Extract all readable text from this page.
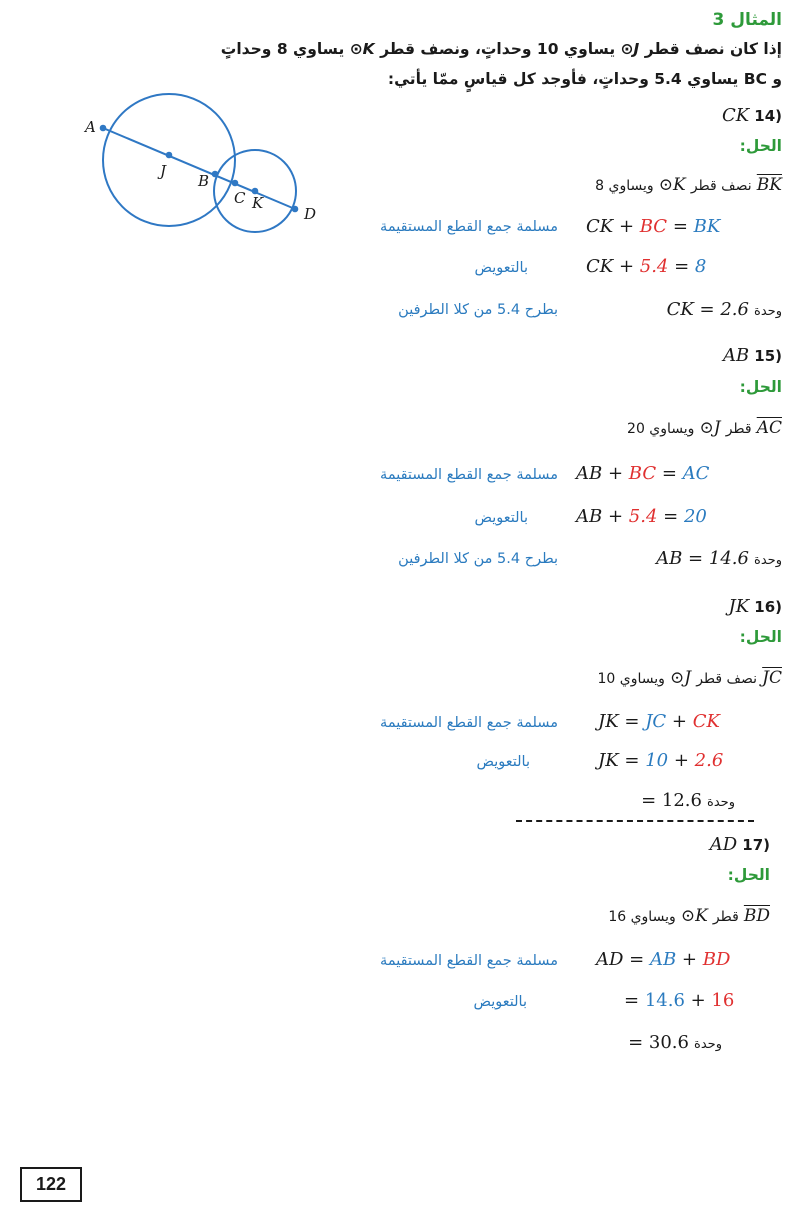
المثال 3
إذا كان نصف قطر ⊙J يساوي 10 وحداتٍ، ونصف قطر ⊙K يساوي 8 وحداتٍ
و BC يساوي 5.4 وحداتٍ، فأوجد كل قياسٍ ممّا يأتي:
A
J
B
C K
D
(14 CK
الحل:
BK نصف قطر ⊙K ويساوي 8
CK + BC = BK
مسلمة جمع القطع المستقيمة
CK + 5.4 = 8
بالتعويض
وحدة CK = 2.6
بطرح 5.4 من كلا الطرفين
(15 AB
الحل:
AC قطر ⊙J ويساوي 20
AB + BC = AC
مسلمة جمع القطع المستقيمة
AB + 5.4 = 20
بالتعويض
وحدة AB = 14.6
بطرح 5.4 من كلا الطرفين
(16 JK
الحل:
JC نصف قطر ⊙J ويساوي 10
JK = JC + CK
مسلمة جمع القطع المستقيمة
JK = 10 + 2.6
بالتعويض
وحدة = 12.6
(17 AD
الحل:
BD قطر ⊙K ويساوي 16
AD = AB + BD
مسلمة جمع القطع المستقيمة
= 14.6 + 16
بالتعويض
وحدة = 30.6
122
